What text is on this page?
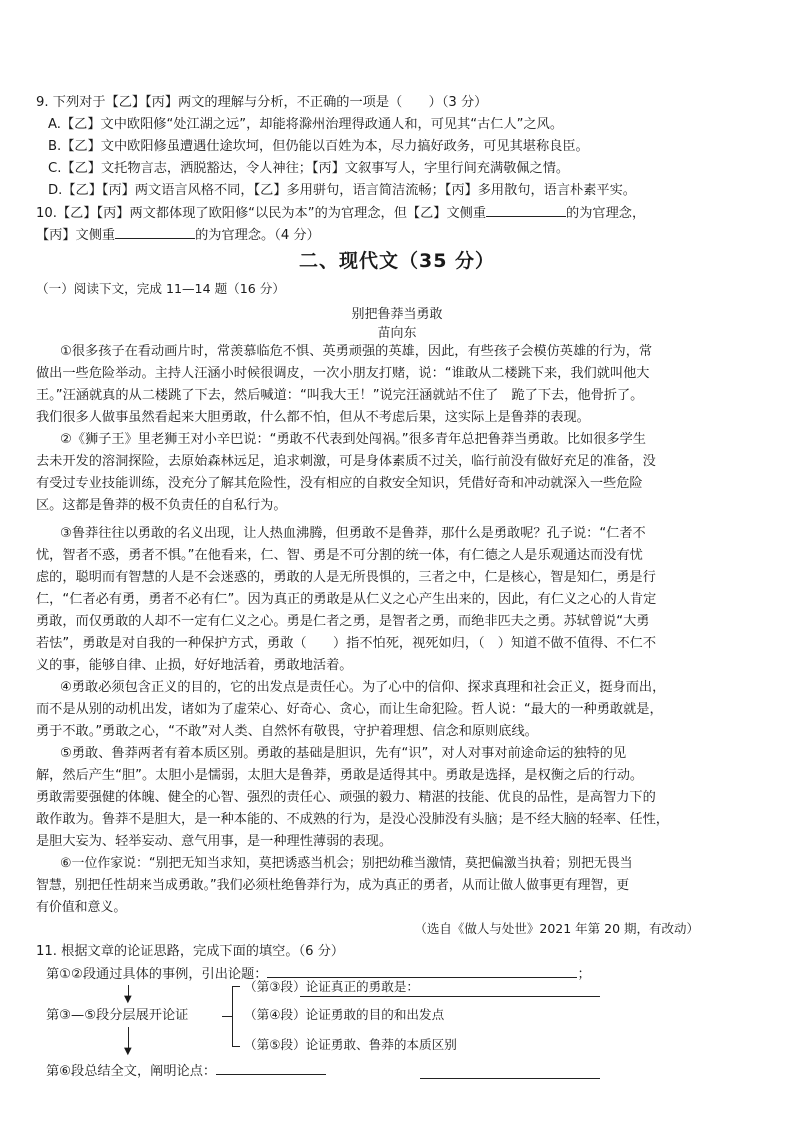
9. 下列对于【乙】【丙】两文的理解与分析，不正确的一项是（　　）（3 分）
A.【乙】文中欧阳修“处江湖之远”，却能将滁州治理得政通人和，可见其“古仁人”之风。
B.【乙】文中欧阳修虽遭遇仕途坎坷，但仍能以百姓为本，尽力搞好政务，可见其堪称良臣。
C.【乙】文托物言志，洒脱豁达，令人神往；【丙】文叙事写人，字里行间充满敬佩之情。
D.【乙】【丙】两文语言风格不同，【乙】多用骈句，语言简洁流畅；【丙】多用散句，语言朴素平实。
10.【乙】【丙】两文都体现了欧阳修“以民为本”的为官理念，但【乙】文侧重	的为官理念，
【丙】文侧重	的为官理念。（4 分）
二、现代文（35 分）
（一）阅读下文，完成 11—14 题（16 分）
别把鲁莽当勇敢
苗向东
①很多孩子在看动画片时，常羡慕临危不惧、英勇顽强的英雄，因此，有些孩子会模仿英雄的行为，常
做出一些危险举动。主持人汪涵小时候很调皮，一次小朋友打赌，说：“谁敢从二楼跳下来，我们就叫他大
王。”汪涵就真的从二楼跳了下去，然后喊道：“叫我大王！”说完汪涵就站不住了　跪了下去，他骨折了。
我们很多人做事虽然看起来大胆勇敢，什么都不怕，但从不考虑后果，这实际上是鲁莽的表现。
②《狮子王》里老狮王对小辛巴说：“勇敢不代表到处闯祸。”很多青年总把鲁莽当勇敢。比如很多学生
去未开发的溶洞探险，去原始森林远足，追求刺激，可是身体素质不过关，临行前没有做好充足的准备，没
有受过专业技能训练，没充分了解其危险性，没有相应的自救安全知识，凭借好奇和冲动就深入一些危险
区。这都是鲁莽的极不负责任的自私行为。
③鲁莽往往以勇敢的名义出现，让人热血沸腾，但勇敢不是鲁莽，那什么是勇敢呢？孔子说：“仁者不
忧，智者不惑，勇者不惧。”在他看来，仁、智、勇是不可分割的统一体，有仁德之人是乐观通达而没有忧
虑的，聪明而有智慧的人是不会迷惑的，勇敢的人是无所畏惧的，三者之中，仁是核心，智是知仁，勇是行
仁，“仁者必有勇，勇者不必有仁”。因为真正的勇敢是从仁义之心产生出来的，因此，有仁义之心的人肯定
勇敢，而仅勇敢的人却不一定有仁义之心。勇是仁者之勇，是智者之勇，而绝非匹夫之勇。苏轼曾说“大勇
若怯”，勇敢是对自我的一种保护方式，勇敢（　　）指不怕死，视死如归，（　）知道不做不值得、不仁不
义的事，能够自律、止损，好好地活着，勇敢地活着。
④勇敢必须包含正义的目的，它的出发点是责任心。为了心中的信仰、探求真理和社会正义，挺身而出，
而不是从别的动机出发，诸如为了虚荣心、好奇心、贪心，而让生命犯险。哲人说：“最大的一种勇敢就是，
勇于不敢。”勇敢之心，“不敢”对人类、自然怀有敬畏，守护着理想、信念和原则底线。
⑤勇敢、鲁莽两者有着本质区别。勇敢的基础是胆识，先有“识”，对人对事对前途命运的独特的见
解，然后产生“胆”。太胆小是懦弱，太胆大是鲁莽，勇敢是适得其中。勇敢是选择，是权衡之后的行动。
勇敢需要强健的体魄、健全的心智、强烈的责任心、顽强的毅力、精湛的技能、优良的品性，是高智力下的
敢作敢为。鲁莽不是胆大，是一种本能的、不成熟的行为，是没心没肺没有头脑；是不经大脑的轻率、任性，
是胆大妄为、轻举妄动、意气用事，是一种理性薄弱的表现。
⑥一位作家说：“别把无知当求知，莫把诱惑当机会；别把幼稚当激情，莫把偏激当执着；别把无畏当
智慧，别把任性胡来当成勇敢。”我们必须杜绝鲁莽行为，成为真正的勇者，从而让做人做事更有理智，更
有价值和意义。
（选自《做人与处世》2021 年第 20 期，有改动）
11. 根据文章的论证思路，完成下面的填空。（6 分）
第①②段通过具体的事例，引出论题：	；
▼
第③—⑤段分层展开论证
（第③段）论证真正的勇敢是：
（第④段）论证勇敢的目的和出发点
（第⑤段）论证勇敢、鲁莽的本质区别
▼
第⑥段总结全文，阐明论点：
